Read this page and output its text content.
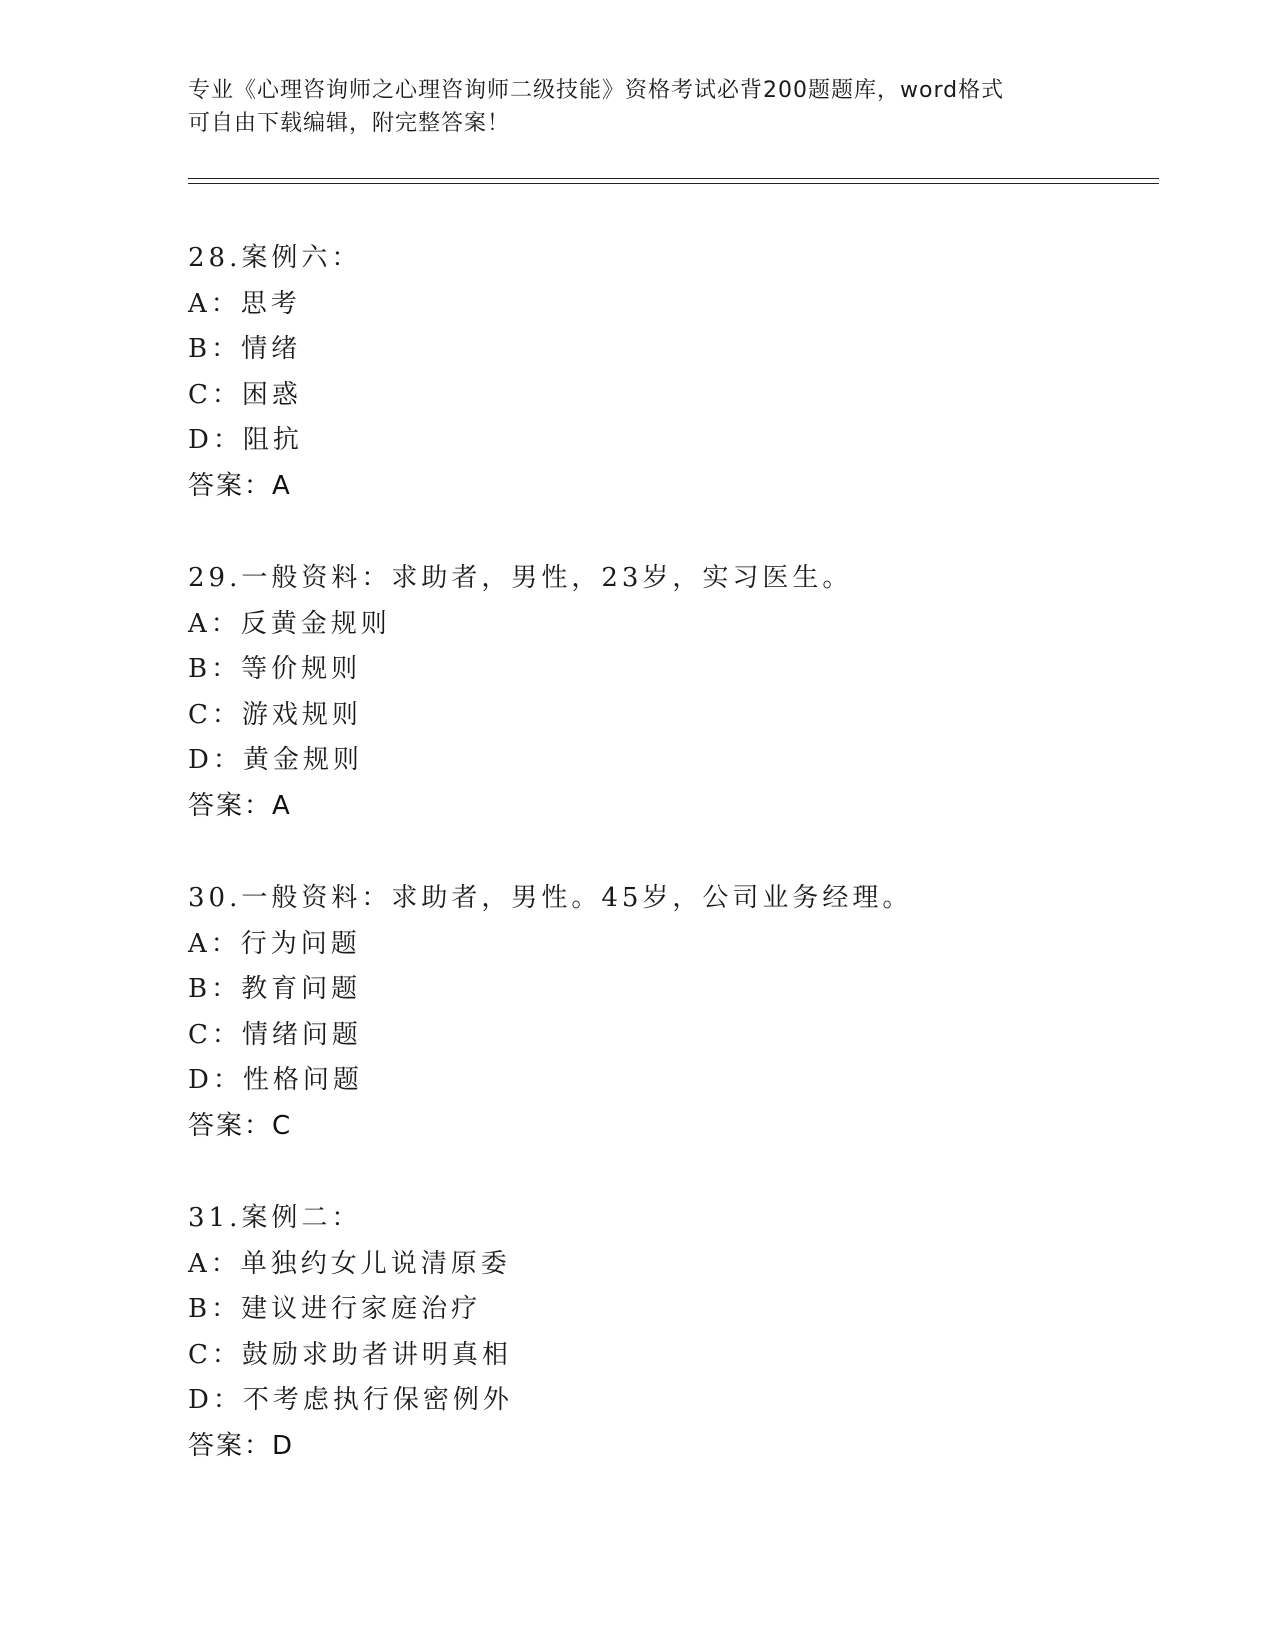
专业《心理咨询师之心理咨询师二级技能》资格考试必背200题题库，word格式
可自由下载编辑，附完整答案！
28.案例六：
A：思考
B：情绪
C：困惑
D：阻抗
答案：A
29.一般资料：求助者，男性，23岁，实习医生。
A：反黄金规则
B：等价规则
C：游戏规则
D：黄金规则
答案：A
30.一般资料：求助者，男性。45岁，公司业务经理。
A：行为问题
B：教育问题
C：情绪问题
D：性格问题
答案：C
31.案例二：
A：单独约女儿说清原委
B：建议进行家庭治疗
C：鼓励求助者讲明真相
D：不考虑执行保密例外
答案：D
